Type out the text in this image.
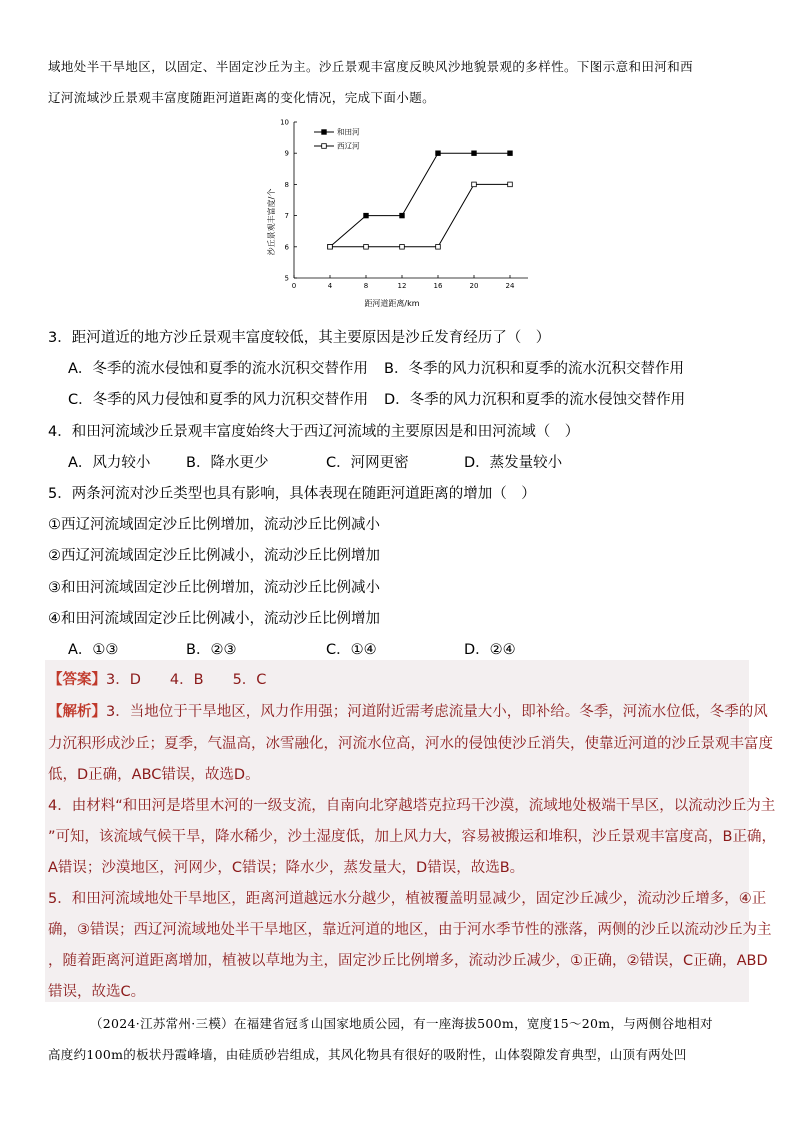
域地处半干旱地区，以固定、半固定沙丘为主。沙丘景观丰富度反映风沙地貌景观的多样性。下图示意和田河和西
辽河流域沙丘景观丰富度随距河道距离的变化情况，完成下面小题。
0	4	8	12	16	20	24
5
6
7
8
9
10
和田河
西辽河
沙丘景观丰富度/个
距河道距离/km
3．距河道近的地方沙丘景观丰富度较低，其主要原因是沙丘发育经历了（　）
A．冬季的流水侵蚀和夏季的流水沉积交替作用 B．冬季的风力沉积和夏季的流水沉积交替作用
C．冬季的风力侵蚀和夏季的风力沉积交替作用 D．冬季的风力沉积和夏季的流水侵蚀交替作用
4．和田河流域沙丘景观丰富度始终大于西辽河流域的主要原因是和田河流域（　）
A．风力较小 B．降水更少	C．河网更密	D．蒸发量较小
5．两条河流对沙丘类型也具有影响，具体表现在随距河道距离的增加（　）
①西辽河流域固定沙丘比例增加，流动沙丘比例减小
②西辽河流域固定沙丘比例减小，流动沙丘比例增加
③和田河流域固定沙丘比例增加，流动沙丘比例减小
④和田河流域固定沙丘比例减小，流动沙丘比例增加
A．①③	B．②③	C．①④	D．②④
【答案】3．D　　4．B　　5．C
【解析】3．当地位于干旱地区，风力作用强；河道附近需考虑流量大小，即补给。冬季，河流水位低，冬季的风
力沉积形成沙丘；夏季，气温高，冰雪融化，河流水位高，河水的侵蚀使沙丘消失，使靠近河道的沙丘景观丰富度
低，D正确，ABC错误，故选D。
4．由材料“和田河是塔里木河的一级支流，自南向北穿越塔克拉玛干沙漠，流域地处极端干旱区，以流动沙丘为主
”可知，该流域气候干旱，降水稀少，沙土湿度低，加上风力大，容易被搬运和堆积，沙丘景观丰富度高，B正确，
A错误；沙漠地区，河网少，C错误；降水少，蒸发量大，D错误，故选B。
5．和田河流域地处干旱地区，距离河道越远水分越少，植被覆盖明显减少，固定沙丘减少，流动沙丘增多，④正
确，③错误；西辽河流域地处半干旱地区，靠近河道的地区，由于河水季节性的涨落，两侧的沙丘以流动沙丘为主
，随着距离河道距离增加，植被以草地为主，固定沙丘比例增多，流动沙丘减少，①正确，②错误，C正确，ABD
错误，故选C。
（2024·江苏常州·三模）在福建省冠豸山国家地质公园，有一座海拔500m，宽度15～20m，与两侧谷地相对
高度约100m的板状丹霞峰墙，由硅质砂岩组成，其风化物具有很好的吸附性，山体裂隙发育典型，山顶有两处凹
